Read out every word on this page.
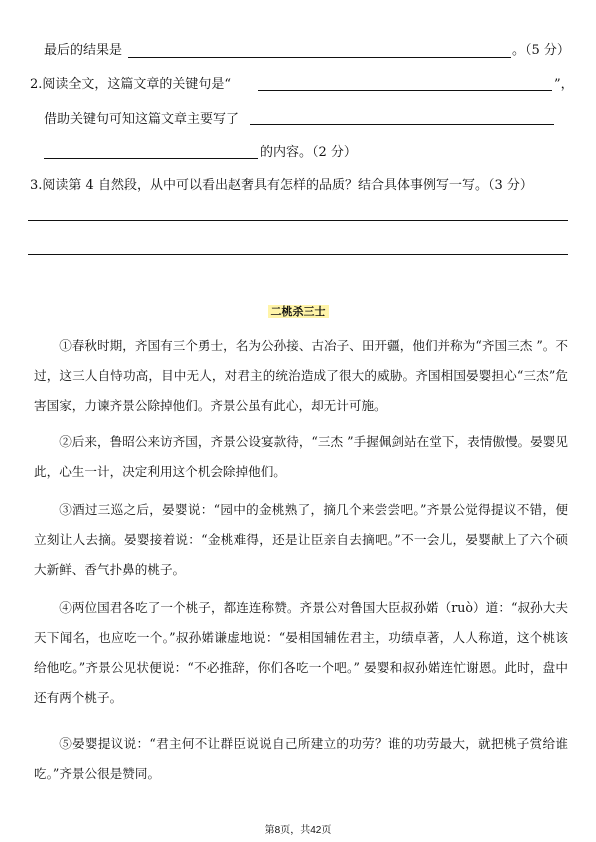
最后的结果是	。（5 分）
2.阅读全文，这篇文章的关键句是“	”，
借助关键句可知这篇文章主要写了
的内容。（2 分）
3.阅读第 4 自然段，从中可以看出赵奢具有怎样的品质？结合具体事例写一写。（3 分）
二桃杀三士
①春秋时期，齐国有三个勇士，名为公孙接、古冶子、田开疆，他们并称为“齐国三杰 ”。不过，这三人自恃功高，目中无人，对君主的统治造成了很大的威胁。齐国相国晏婴担心“三杰”危害国家，力谏齐景公除掉他们。齐景公虽有此心，却无计可施。
②后来，鲁昭公来访齐国，齐景公设宴款待，“三杰 ”手握佩剑站在堂下，表情傲慢。晏婴见此，心生一计，决定利用这个机会除掉他们。
③酒过三巡之后，晏婴说：“园中的金桃熟了，摘几个来尝尝吧。”齐景公觉得提议不错，便立刻让人去摘。晏婴接着说：“金桃难得，还是让臣亲自去摘吧。”不一会儿，晏婴献上了六个硕大新鲜、香气扑鼻的桃子。
④两位国君各吃了一个桃子，都连连称赞。齐景公对鲁国大臣叔孙婼（ruò）道：“叔孙大夫天下闻名，也应吃一个。”叔孙婼谦虚地说：“晏相国辅佐君主，功绩卓著，人人称道，这个桃该给他吃。”齐景公见状便说：“不必推辞，你们各吃一个吧。” 晏婴和叔孙婼连忙谢恩。此时，盘中还有两个桃子。
⑤晏婴提议说：“君主何不让群臣说说自己所建立的功劳？谁的功劳最大，就把桃子赏给谁吃。”齐景公很是赞同。
第8页，共42页
